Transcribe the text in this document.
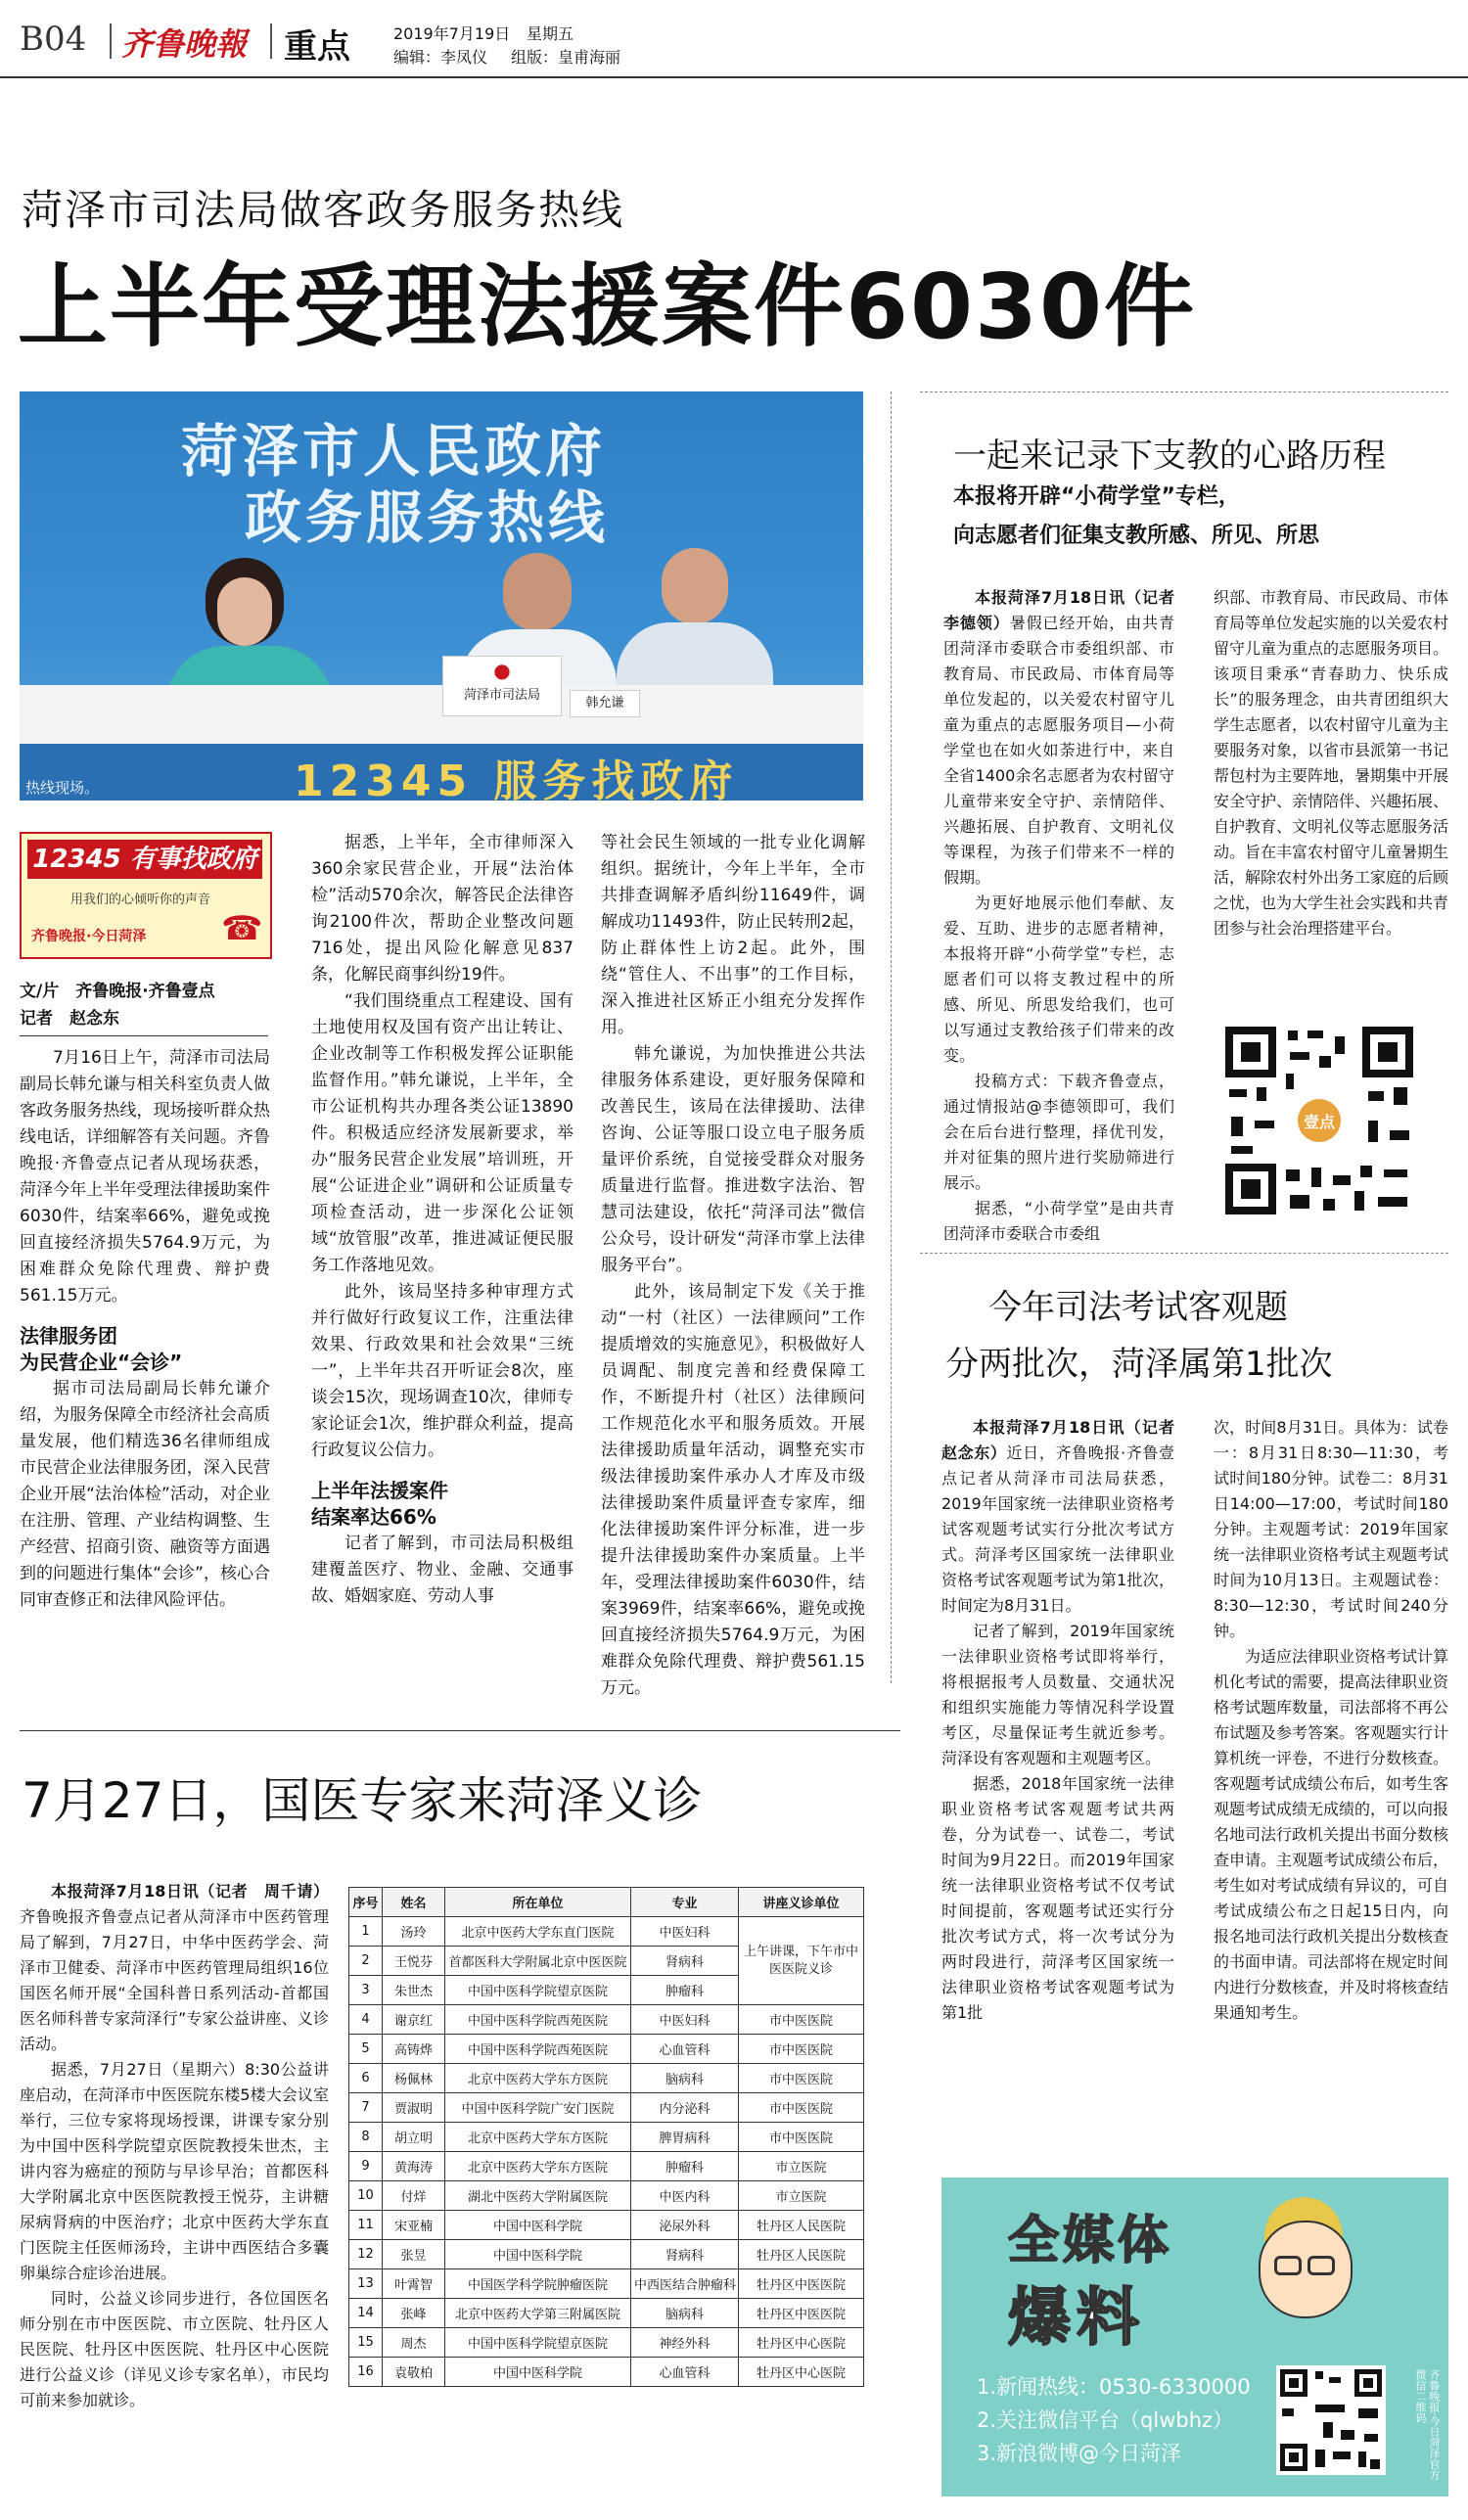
B04 齐鲁晚報 重点	2019年7月19日 星期五
编辑：李凤仪 组版：皇甫海丽
菏泽市司法局做客政务服务热线
上半年受理法援案件6030件
菏泽市人民政府
政务服务热线
●
菏泽市司法局
韩允谦
12345 服务找政府
热线现场。
12345 有事找政府
用我们的心倾听你的声音
齐鲁晚报·今日菏泽 ☎
文/片　齐鲁晚报·齐鲁壹点
记者　赵念东

7月16日上午，菏泽市司法局副局长韩允谦与相关科室负责人做客政务服务热线，现场接听群众热线电话，详细解答有关问题。齐鲁晚报·齐鲁壹点记者从现场获悉，菏泽今年上半年受理法律援助案件6030件，结案率66%，避免或挽回直接经济损失5764.9万元，为困难群众免除代理费、辩护费561.15万元。

法律服务团

为民营企业“会诊”

据市司法局副局长韩允谦介绍，为服务保障全市经济社会高质量发展，他们精选36名律师组成市民营企业法律服务团，深入民营企业开展“法治体检”活动，对企业在注册、管理、产业结构调整、生产经营、招商引资、融资等方面遇到的问题进行集体“会诊”，核心合同审查修正和法律风险评估。

据悉，上半年，全市律师深入360余家民营企业，开展“法治体检”活动570余次，解答民企法律咨询2100件次，帮助企业整改问题716处，提出风险化解意见837条，化解民商事纠纷19件。

“我们围绕重点工程建设、国有土地使用权及国有资产出让转让、企业改制等工作积极发挥公证职能监督作用。”韩允谦说，上半年，全市公证机构共办理各类公证13890件。积极适应经济发展新要求，举办“服务民营企业发展”培训班，开展“公证进企业”调研和公证质量专项检查活动，进一步深化公证领域“放管服”改革，推进减证便民服务工作落地见效。

此外，该局坚持多种审理方式并行做好行政复议工作，注重法律效果、行政效果和社会效果“三统一”，上半年共召开听证会8次，座谈会15次，现场调查10次，律师专家论证会1次，维护群众利益，提高行政复议公信力。

上半年法援案件

结案率达66%

记者了解到，市司法局积极组建覆盖医疗、物业、金融、交通事故、婚姻家庭、劳动人事

等社会民生领域的一批专业化调解组织。据统计，今年上半年，全市共排查调解矛盾纠纷11649件，调解成功11493件，防止民转刑2起，防止群体性上访2起。此外，围绕“管住人、不出事”的工作目标，深入推进社区矫正小组充分发挥作用。

韩允谦说，为加快推进公共法律服务体系建设，更好服务保障和改善民生，该局在法律援助、法律咨询、公证等服口设立电子服务质量评价系统，自觉接受群众对服务质量进行监督。推进数字法治、智慧司法建设，依托“菏泽司法”微信公众号，设计研发“菏泽市掌上法律服务平台”。

此外，该局制定下发《关于推动“一村（社区）一法律顾问”工作提质增效的实施意见》，积极做好人员调配、制度完善和经费保障工作，不断提升村（社区）法律顾问工作规范化水平和服务质效。开展法律援助质量年活动，调整充实市级法律援助案件承办人才库及市级法律援助案件质量评查专家库，细化法律援助案件评分标准，进一步提升法律援助案件办案质量。上半年，受理法律援助案件6030件，结案3969件，结案率66%，避免或挽回直接经济损失5764.9万元，为困难群众免除代理费、辩护费561.15万元。

一起来记录下支教的心路历程
本报将开辟“小荷学堂”专栏，
向志愿者们征集支教所感、所见、所思

本报菏泽7月18日讯（记者　李德领）暑假已经开始，由共青团菏泽市委联合市委组织部、市教育局、市民政局、市体育局等单位发起的，以关爱农村留守儿童为重点的志愿服务项目—小荷学堂也在如火如荼进行中，来自全省1400余名志愿者为农村留守儿童带来安全守护、亲情陪伴、兴趣拓展、自护教育、文明礼仪等课程，为孩子们带来不一样的假期。

为更好地展示他们奉献、友爱、互助、进步的志愿者精神，本报将开辟“小荷学堂”专栏，志愿者们可以将支教过程中的所感、所见、所思发给我们，也可以写通过支教给孩子们带来的改变。

投稿方式：下载齐鲁壹点，通过情报站@李德领即可，我们会在后台进行整理，择优刊发，并对征集的照片进行奖励筛进行展示。

据悉，“小荷学堂”是由共青团菏泽市委联合市委组

织部、市教育局、市民政局、市体育局等单位发起实施的以关爱农村留守儿童为重点的志愿服务项目。该项目秉承“青春助力、快乐成长”的服务理念，由共青团组织大学生志愿者，以农村留守儿童为主要服务对象，以省市县派第一书记帮包村为主要阵地，暑期集中开展安全守护、亲情陪伴、兴趣拓展、自护教育、文明礼仪等志愿服务活动。旨在丰富农村留守儿童暑期生活，解除农村外出务工家庭的后顾之忧，也为大学生社会实践和共青团参与社会治理搭建平台。

壹点
今年司法考试客观题
分两批次，菏泽属第1批次

本报菏泽7月18日讯（记者　赵念东）近日，齐鲁晚报·齐鲁壹点记者从菏泽市司法局获悉，2019年国家统一法律职业资格考试客观题考试实行分批次考试方式。菏泽考区国家统一法律职业资格考试客观题考试为第1批次，时间定为8月31日。

记者了解到，2019年国家统一法律职业资格考试即将举行，将根据报考人员数量、交通状况和组织实施能力等情况科学设置考区，尽量保证考生就近参考。菏泽设有客观题和主观题考区。

据悉，2018年国家统一法律职业资格考试客观题考试共两卷，分为试卷一、试卷二，考试时间为9月22日。而2019年国家统一法律职业资格考试不仅考试时间提前，客观题考试还实行分批次考试方式，将一次考试分为两时段进行，菏泽考区国家统一法律职业资格考试客观题考试为第1批

次，时间8月31日。具体为：试卷一：8月31日8:30—11:30，考试时间180分钟。试卷二：8月31日14:00—17:00，考试时间180分钟。主观题考试：2019年国家统一法律职业资格考试主观题考试时间为10月13日。主观题试卷：8:30—12:30，考试时间240分钟。

为适应法律职业资格考试计算机化考试的需要，提高法律职业资格考试题库数量，司法部将不再公布试题及参考答案。客观题实行计算机统一评卷，不进行分数核查。客观题考试成绩公布后，如考生客观题考试成绩无成绩的，可以向报名地司法行政机关提出书面分数核查申请。主观题考试成绩公布后，考生如对考试成绩有异议的，可自考试成绩公布之日起15日内，向报名地司法行政机关提出分数核查的书面申请。司法部将在规定时间内进行分数核查，并及时将核查结果通知考生。

7月27日，国医专家来菏泽义诊

本报菏泽7月18日讯（记者　周千请）齐鲁晚报齐鲁壹点记者从菏泽市中医药管理局了解到，7月27日，中华中医药学会、菏泽市卫健委、菏泽市中医药管理局组织16位国医名师开展“全国科普日系列活动-首都国医名师科普专家菏泽行”专家公益讲座、义诊活动。

据悉，7月27日（星期六）8:30公益讲座启动，在菏泽市中医医院东楼5楼大会议室举行，三位专家将现场授课，讲课专家分别为中国中医科学院望京医院教授朱世杰，主讲内容为癌症的预防与早诊早治；首都医科大学附属北京中医医院教授王悦芬，主讲糖尿病肾病的中医治疗；北京中医药大学东直门医院主任医师汤玲，主讲中西医结合多囊卵巢综合症诊治进展。

同时，公益义诊同步进行，各位国医名师分别在市中医医院、市立医院、牡丹区人民医院、牡丹区中医医院、牡丹区中心医院进行公益义诊（详见义诊专家名单），市民均可前来参加就诊。

序号	姓名	所在单位	专业	讲座义诊单位
1	汤玲	北京中医药大学东直门医院	中医妇科	上午讲课，下午市中医医院义诊
2	王悦芬	首都医科大学附属北京中医医院	肾病科	
3	朱世杰	中国中医科学院望京医院	肿瘤科	
4	谢京红	中国中医科学院西苑医院	中医妇科	市中医医院
5	高铸烨	中国中医科学院西苑医院	心血管科	市中医医院
6	杨佩林	北京中医药大学东方医院	脑病科	市中医医院
7	贾淑明	中国中医科学院广安门医院	内分泌科	市中医医院
8	胡立明	北京中医药大学东方医院	脾胃病科	市中医医院
9	黄海涛	北京中医药大学东方医院	肿瘤科	市立医院
10	付烊	湖北中医药大学附属医院	中医内科	市立医院
11	宋亚楠	中国中医科学院	泌尿外科	牡丹区人民医院
12	张昱	中国中医科学院	肾病科	牡丹区人民医院
13	叶霄智	中国医学科学院肿瘤医院	中西医结合肿瘤科	牡丹区中医医院
14	张峰	北京中医药大学第三附属医院	脑病科	牡丹区中医医院
15	周杰	中国中医科学院望京医院	神经外科	牡丹区中心医院
16	袁敬柏	中国中医科学院	心血管科	牡丹区中心医院
全媒体
爆料
1.新闻热线：0530-6330000
2.关注微信平台（qlwbhz）
3.新浪微博@今日菏泽	齐鲁晚报·今日菏泽官方微信二维码
